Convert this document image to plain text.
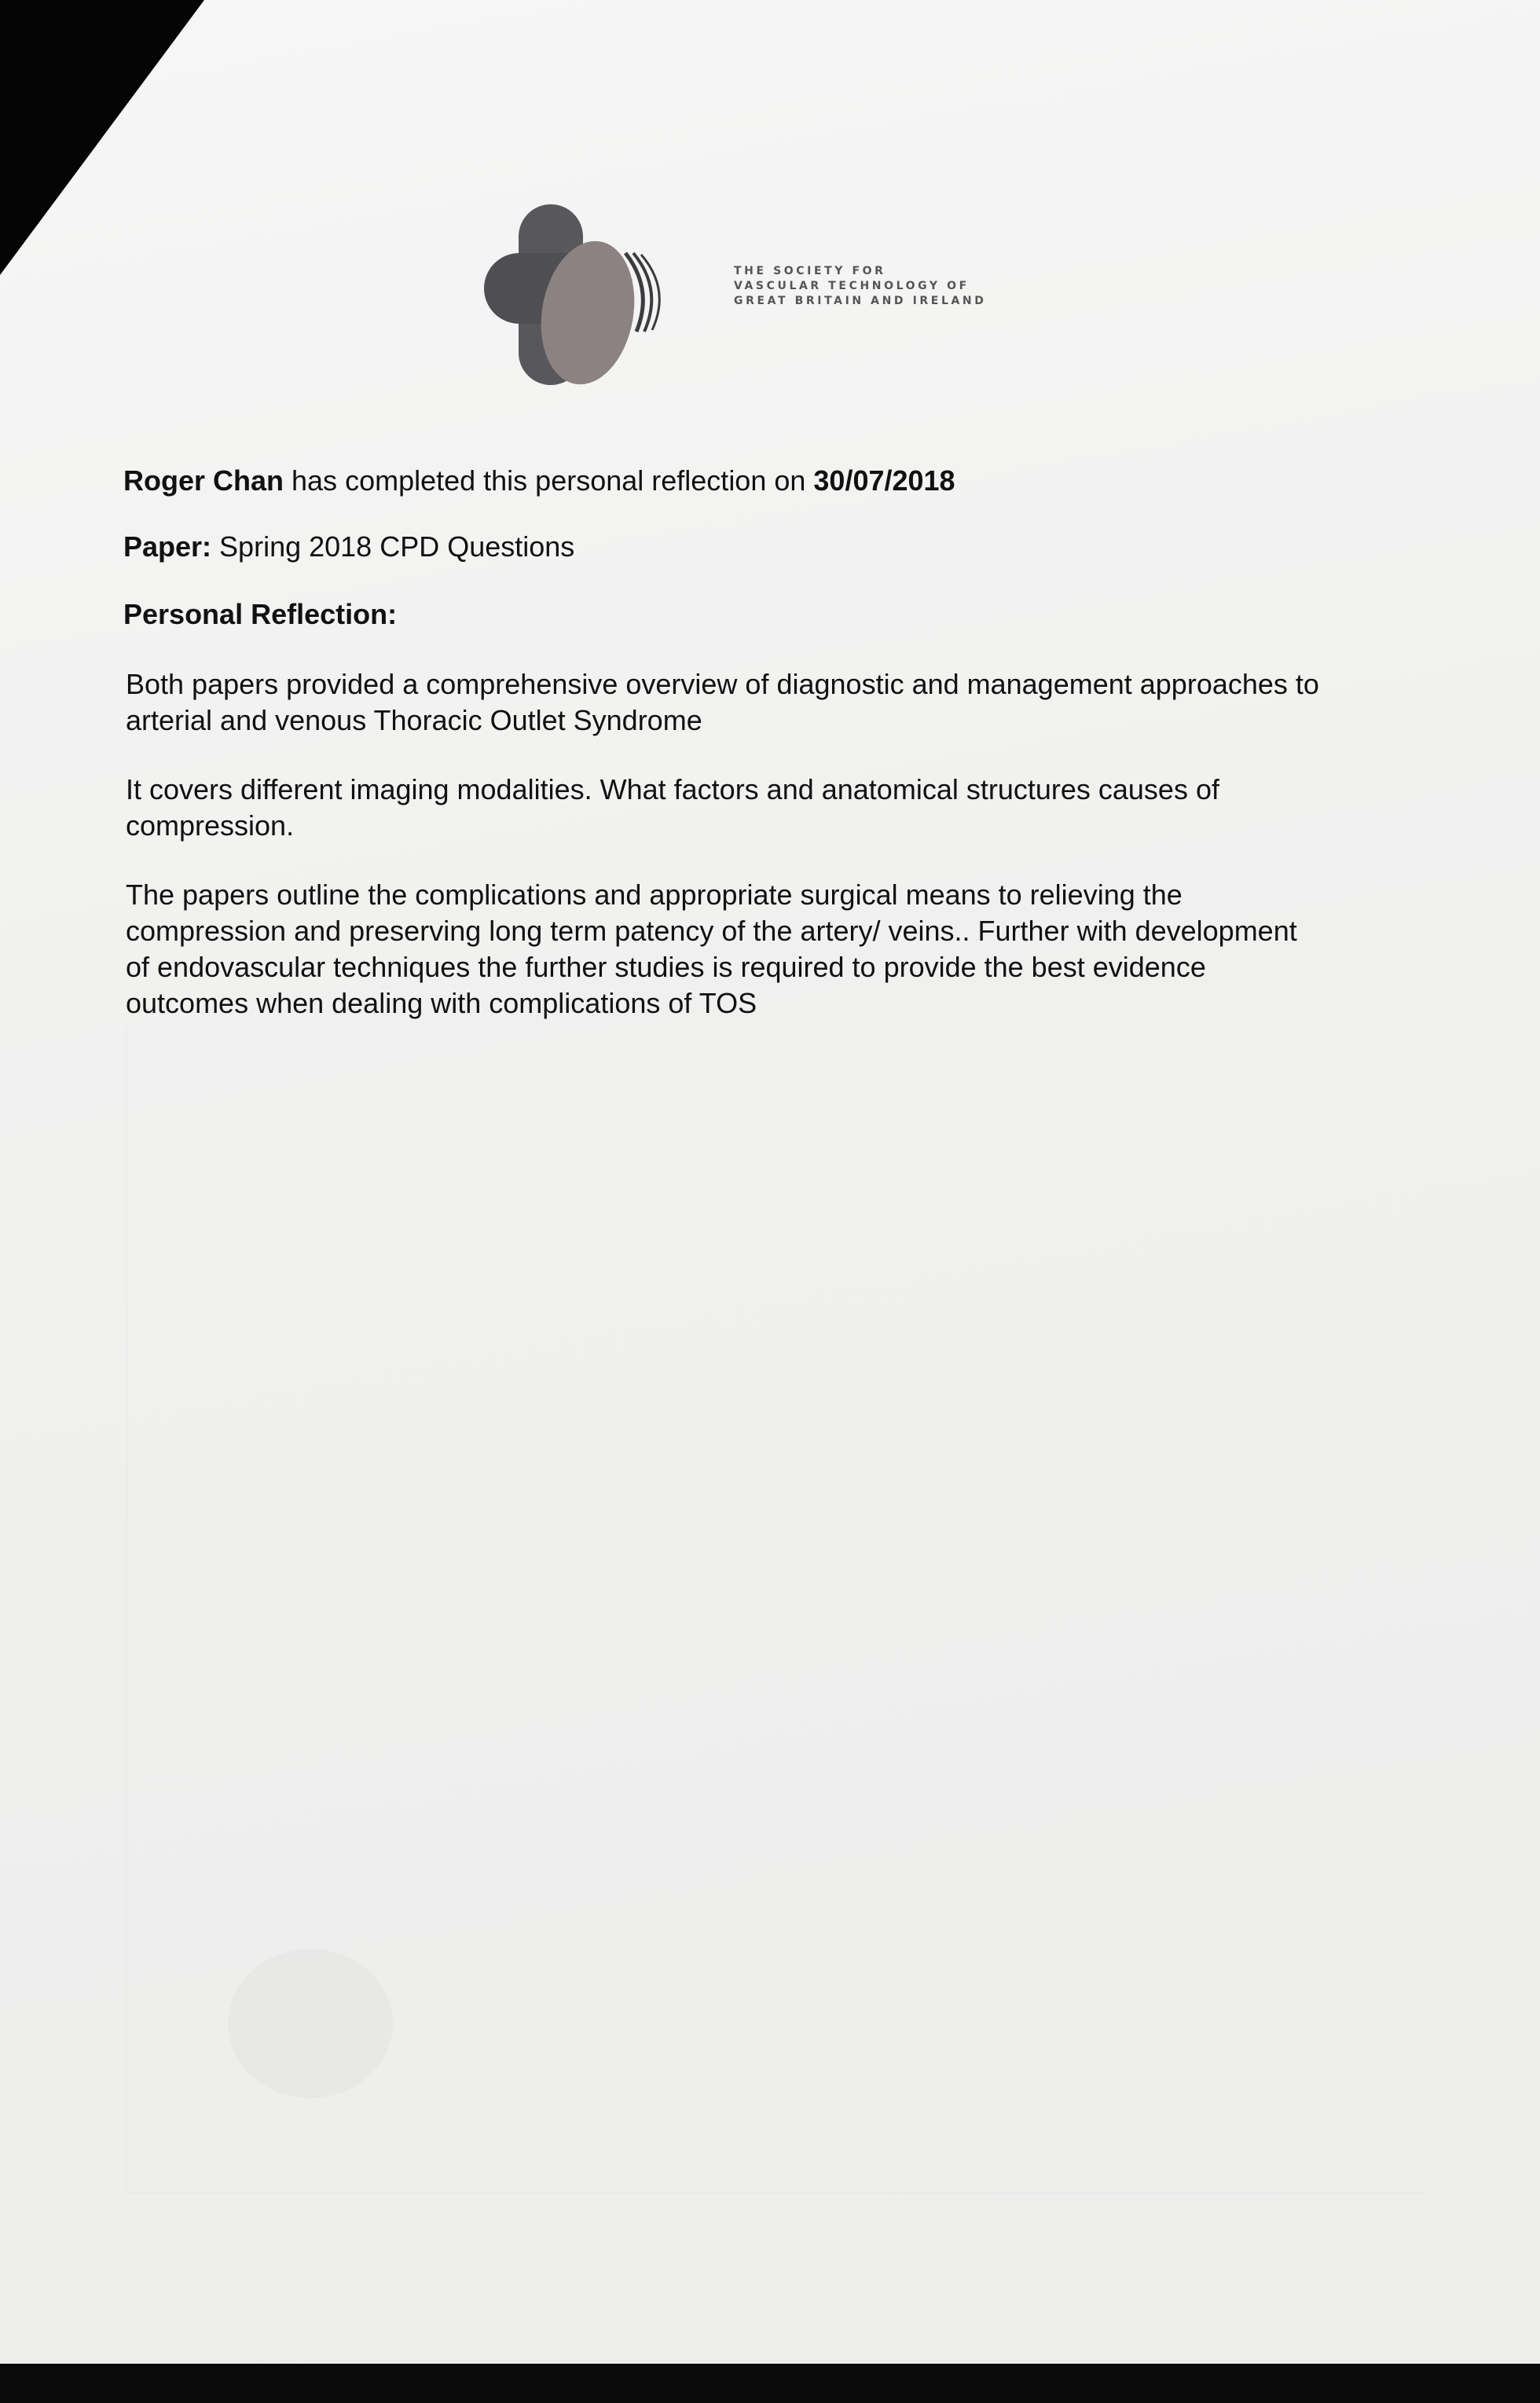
THE SOCIETY FOR
VASCULAR TECHNOLOGY OF
GREAT BRITAIN AND IRELAND

Roger Chan has completed this personal reflection on 30/07/2018

Paper: Spring 2018 CPD Questions

Personal Reflection:

Both papers provided a comprehensive overview of diagnostic and management approaches to

arterial and venous Thoracic Outlet Syndrome

It covers different imaging modalities. What factors and anatomical structures causes of

compression.

The papers outline the complications and appropriate surgical means to relieving the

compression and preserving long term patency of the artery/ veins.. Further with development

of endovascular techniques the further studies is required to provide the best evidence

outcomes when dealing with complications of TOS
